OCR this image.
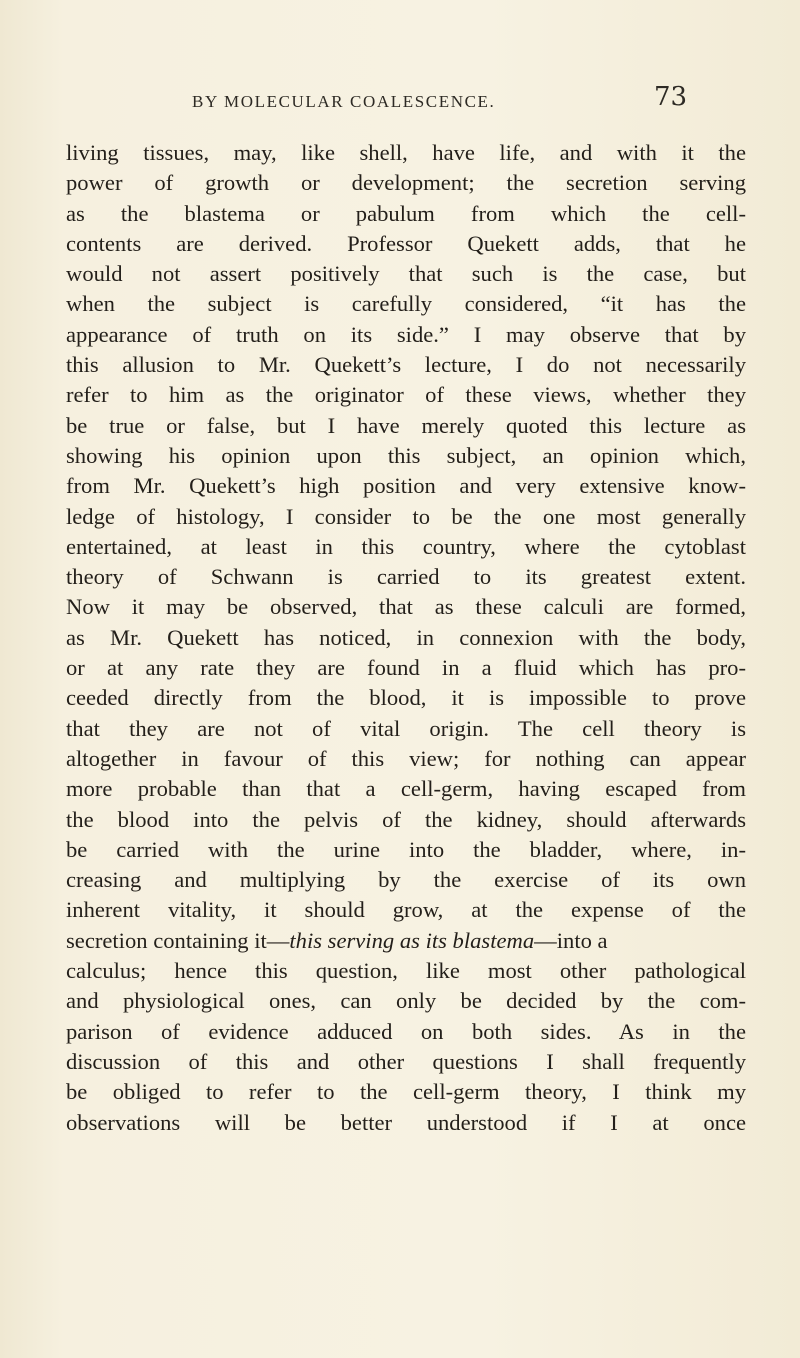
BY MOLECULAR COALESCENCE.	73
living tissues, may, like shell, have life, and with it the
power of growth or development; the secretion serving
as the blastema or pabulum from which the cell-
contents are derived. Professor Quekett adds, that he
would not assert positively that such is the case, but
when the subject is carefully considered, “it has the
appearance of truth on its side.” I may observe that by
this allusion to Mr. Quekett’s lecture, I do not necessarily
refer to him as the originator of these views, whether they
be true or false, but I have merely quoted this lecture as
showing his opinion upon this subject, an opinion which,
from Mr. Quekett’s high position and very extensive know-
ledge of histology, I consider to be the one most generally
entertained, at least in this country, where the cytoblast
theory of Schwann is carried to its greatest extent.
Now it may be observed, that as these calculi are formed,
as Mr. Quekett has noticed, in connexion with the body,
or at any rate they are found in a fluid which has pro-
ceeded directly from the blood, it is impossible to prove
that they are not of vital origin. The cell theory is
altogether in favour of this view; for nothing can appear
more probable than that a cell-germ, having escaped from
the blood into the pelvis of the kidney, should afterwards
be carried with the urine into the bladder, where, in-
creasing and multiplying by the exercise of its own
inherent vitality, it should grow, at the expense of the
secretion containing it—this serving as its blastema—into a
calculus; hence this question, like most other pathological
and physiological ones, can only be decided by the com-
parison of evidence adduced on both sides. As in the
discussion of this and other questions I shall frequently
be obliged to refer to the cell-germ theory, I think my
observations will be better understood if I at once
